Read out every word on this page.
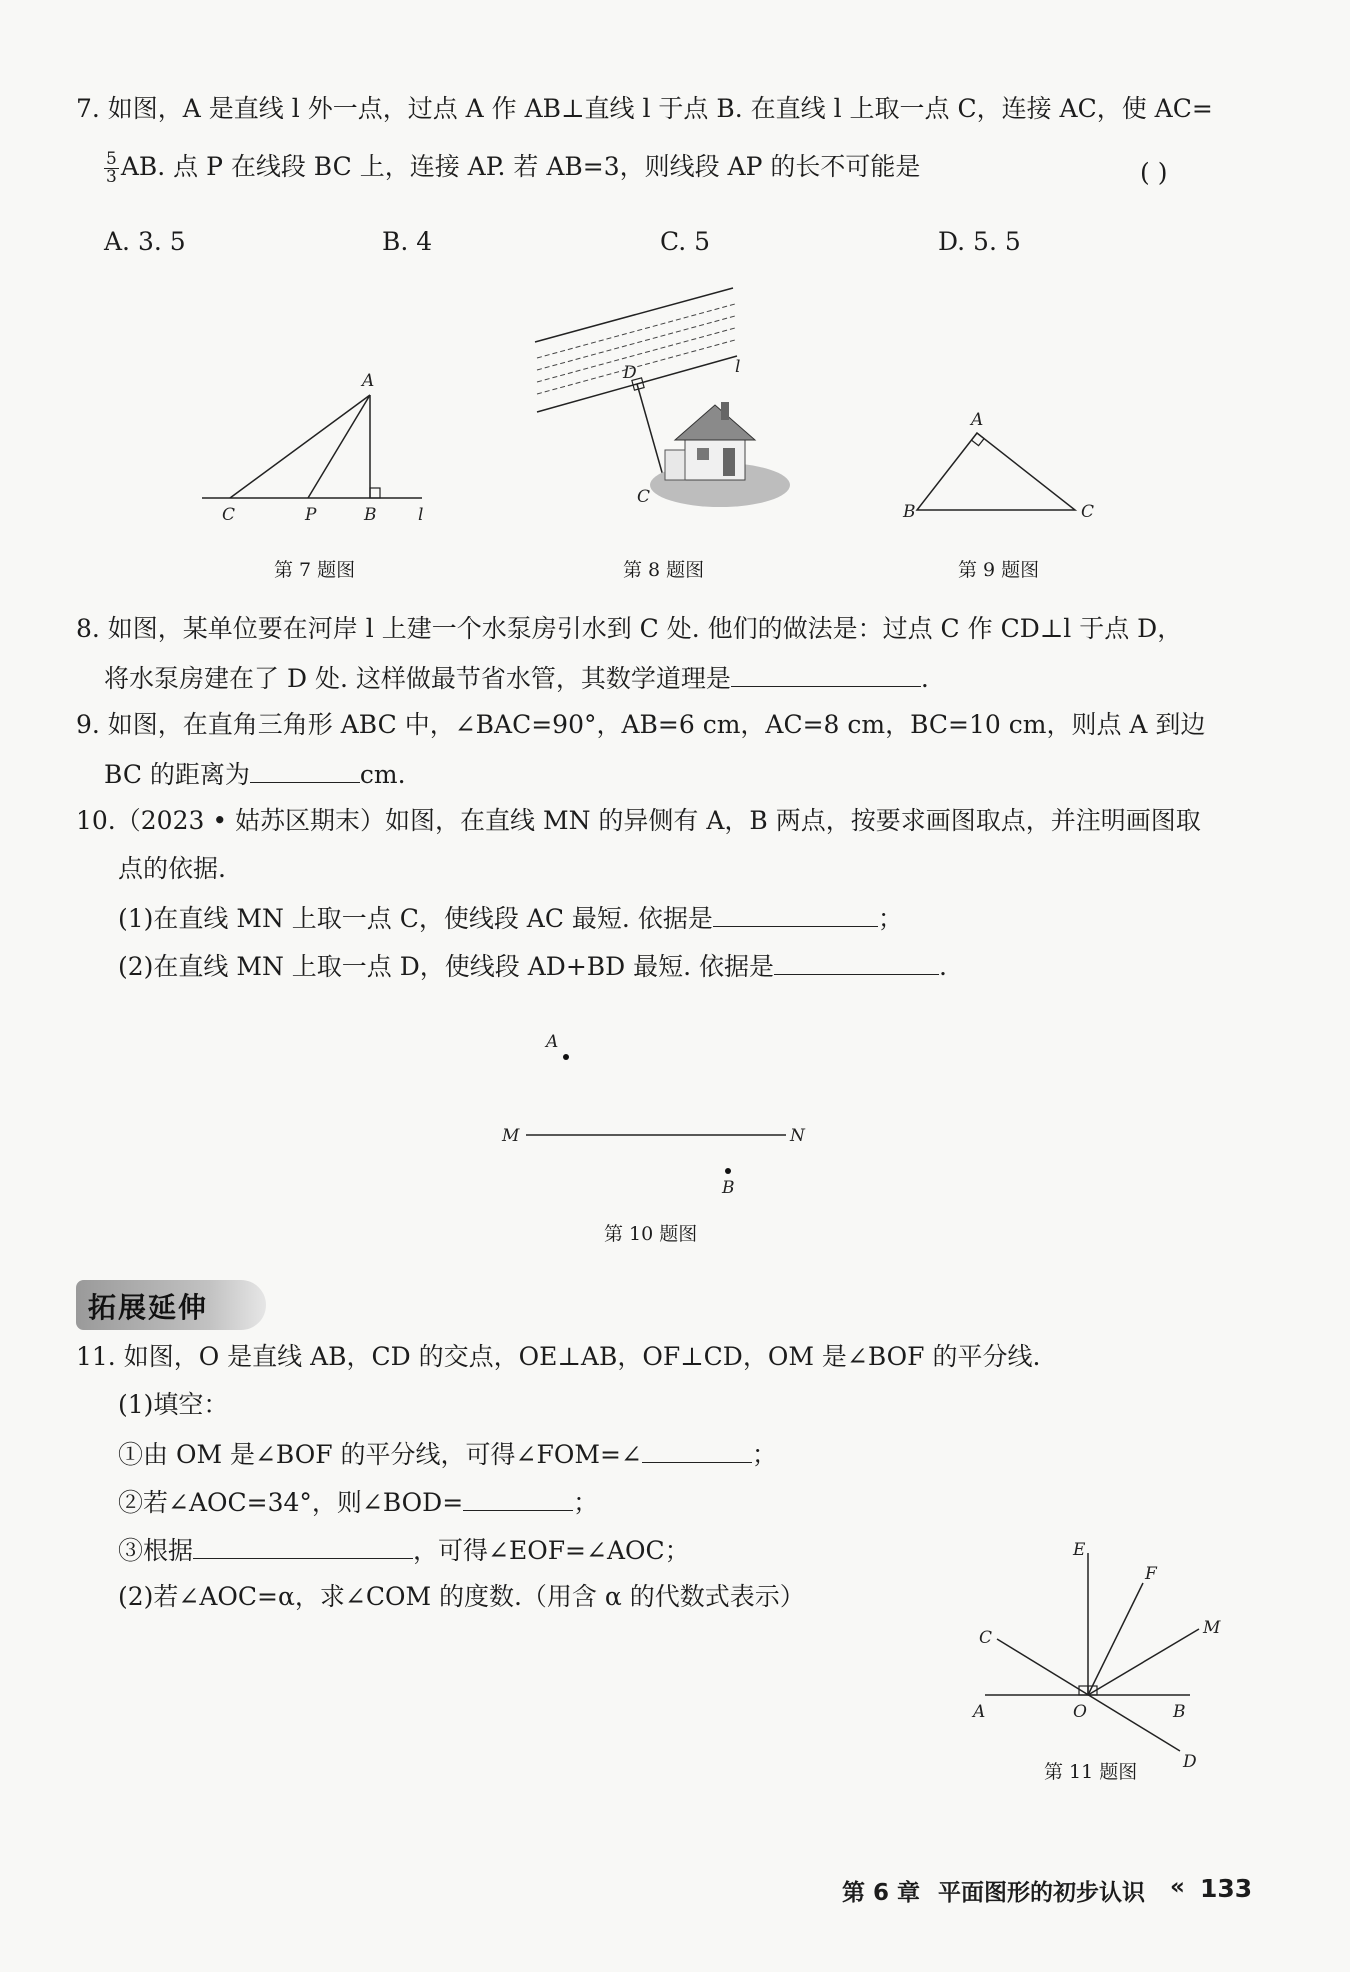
7. 如图，A 是直线 l 外一点，过点 A 作 AB⊥直线 l 于点 B. 在直线 l 上取一点 C，连接 AC，使 AC=
$\frac{5}{3}$ AB. 点 P 在线段 BC 上，连接 AP. 若 AB=3，则线段 AP 的长不可能是	( )
A. 3. 5	B. 4	C. 5	D. 5. 5
A
C	P	B l
第 7 题图
D	l
C
第 8 题图
A
B	C
第 9 题图
8. 如图，某单位要在河岸 l 上建一个水泵房引水到 C 处. 他们的做法是：过点 C 作 CD⊥l 于点 D，
将水泵房建在了 D 处. 这样做最节省水管，其数学道理是	.
9. 如图，在直角三角形 ABC 中，∠BAC=90°，AB=6 cm，AC=8 cm，BC=10 cm，则点 A 到边
BC 的距离为	cm.
10.（2023 • 姑苏区期末）如图，在直线 MN 的异侧有 A，B 两点，按要求画图取点，并注明画图取
点的依据.
(1)在直线 MN 上取一点 C，使线段 AC 最短. 依据是	；
(2)在直线 MN 上取一点 D，使线段 AD+BD 最短. 依据是	.
A
M	N
B
第 10 题图
拓展延伸
11. 如图，O 是直线 AB，CD 的交点，OE⊥AB，OF⊥CD，OM 是∠BOF 的平分线.
(1)填空：
①由 OM 是∠BOF 的平分线，可得∠FOM=∠	；
②若∠AOC=34°，则∠BOD=	；
③根据	，可得∠EOF=∠AOC；
(2)若∠AOC=α，求∠COM 的度数.（用含 α 的代数式表示）
E
F
M
C
A	O	B
D
第 11 题图
第 6 章 平面图形的初步认识 « 133
